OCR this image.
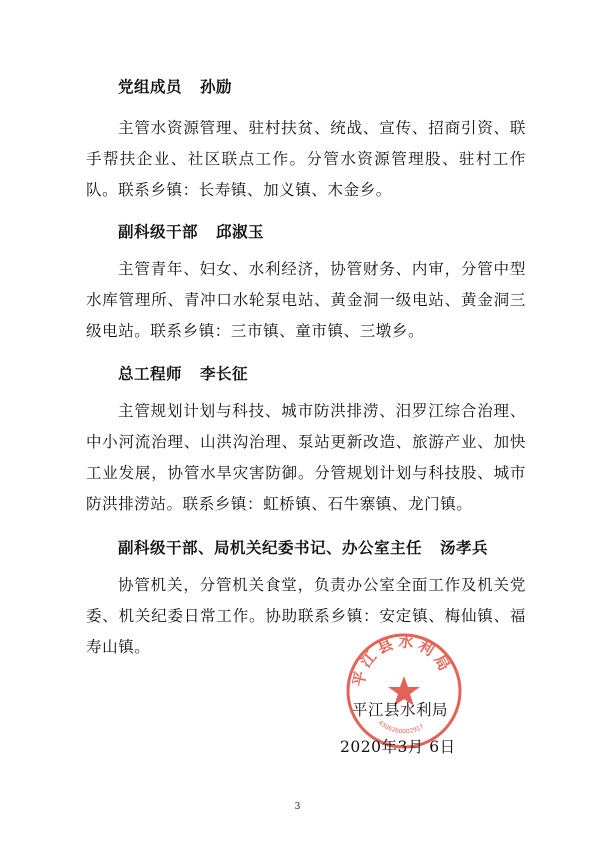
党组成员 孙励

主管水资源管理、驻村扶贫、统战、宣传、招商引资、联手帮扶企业、社区联点工作。分管水资源管理股、驻村工作队。联系乡镇：长寿镇、加义镇、木金乡。

副科级干部 邱淑玉

主管青年、妇女、水利经济，协管财务、内审，分管中型水库管理所、青冲口水轮泵电站、黄金洞一级电站、黄金洞三级电站。联系乡镇：三市镇、童市镇、三墩乡。

总工程师 李长征

主管规划计划与科技、城市防洪排涝、汨罗江综合治理、中小河流治理、山洪沟治理、泵站更新改造、旅游产业、加快工业发展，协管水旱灾害防御。分管规划计划与科技股、城市防洪排涝站。联系乡镇：虹桥镇、石牛寨镇、龙门镇。

副科级干部、局机关纪委书记、办公室主任 汤孝兵

协管机关，分管机关食堂，负责办公室全面工作及机关党委、机关纪委日常工作。协助联系乡镇：安定镇、梅仙镇、福寿山镇。

平江县水利局
4306260002917
平江县水利局
2020年3月 6日
3
